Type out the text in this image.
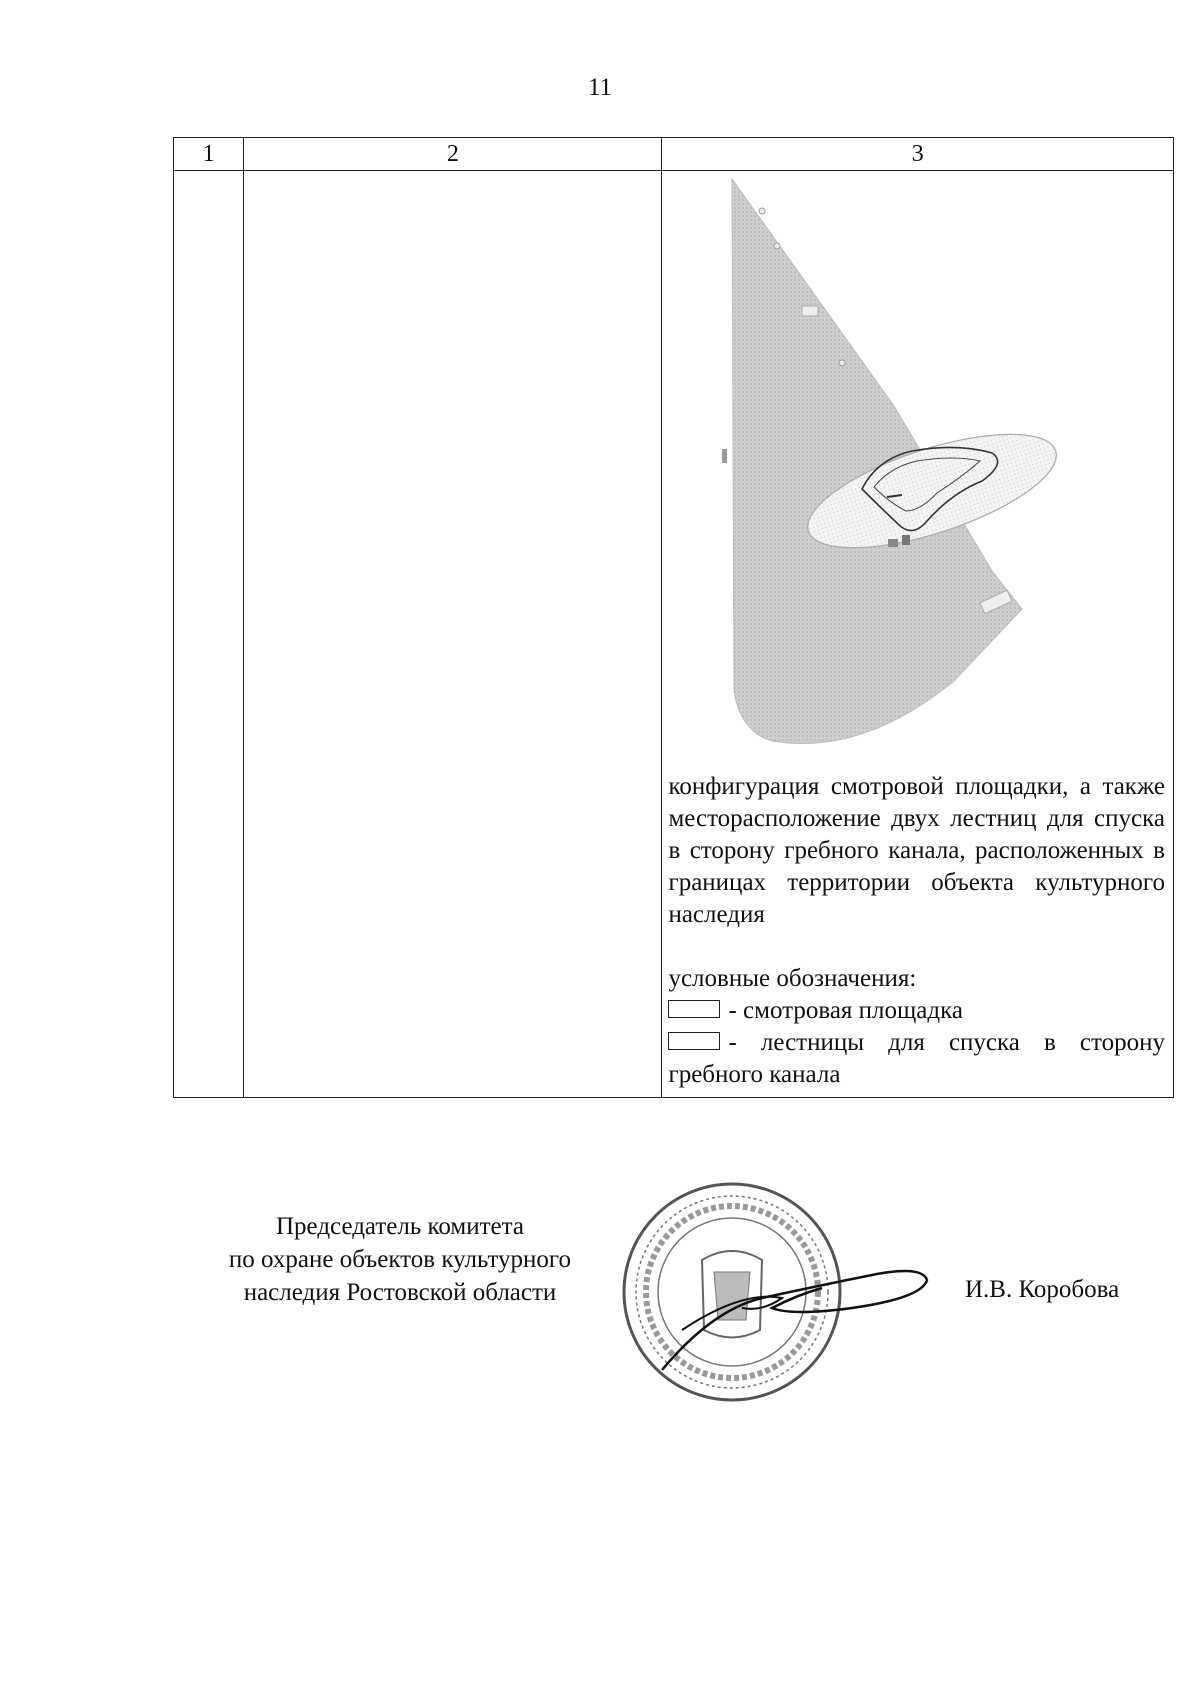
11
1	2	3

		конфигурация смотровой площадки, а также месторасположение двух лестниц для спуска в сторону гребного канала, расположенных в границах территории объекта культурного наследия

условные обозначения:

- смотровая площадка
- лестницы для спуска в сторону

гребного канала

Председатель комитета
по охране объектов культурного
наследия Ростовской области	И.В. Коробова
